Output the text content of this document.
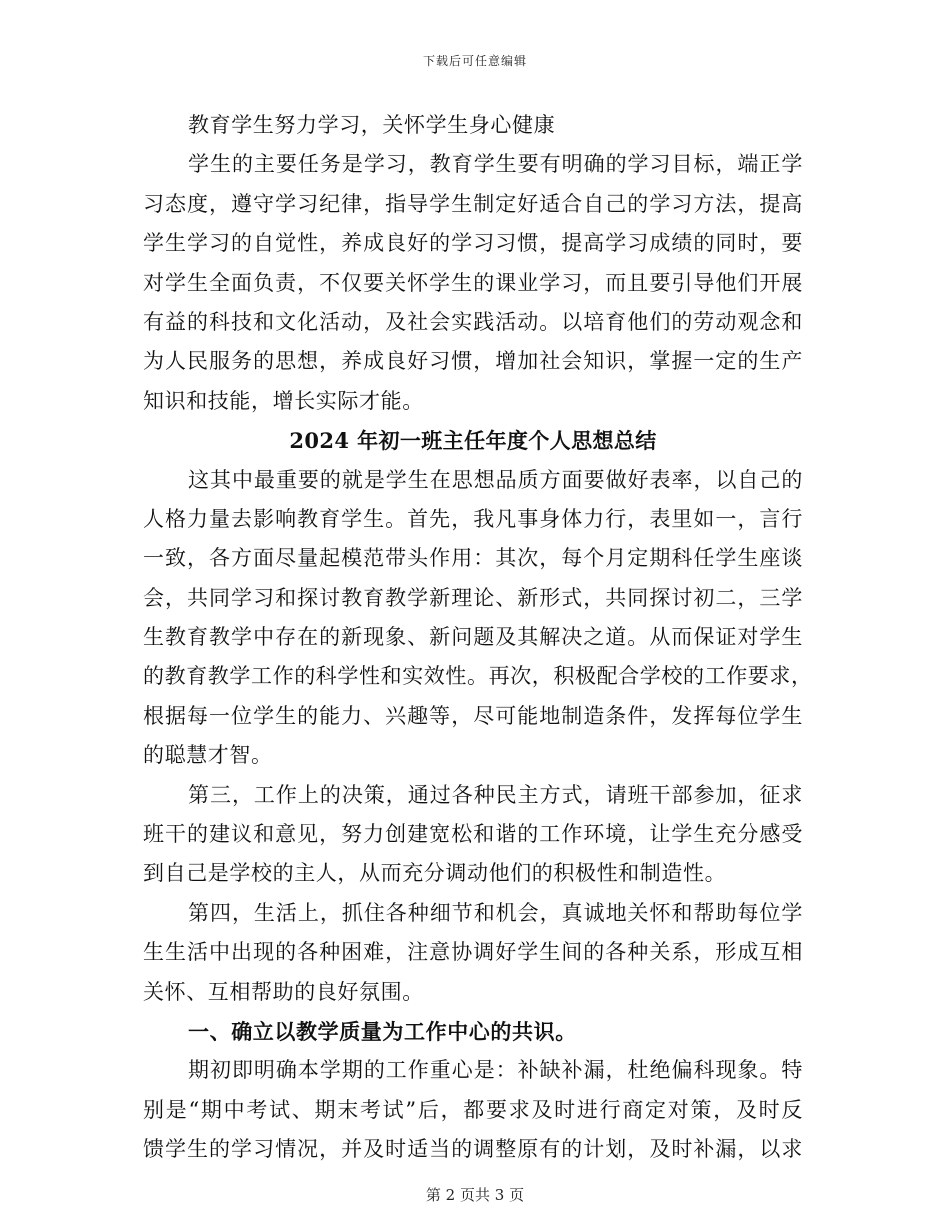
下载后可任意编辑
教育学生努力学习，关怀学生身心健康
学生的主要任务是学习，教育学生要有明确的学习目标，端正学
习态度，遵守学习纪律，指导学生制定好适合自己的学习方法，提高
学生学习的自觉性，养成良好的学习习惯，提高学习成绩的同时，要
对学生全面负责，不仅要关怀学生的课业学习，而且要引导他们开展
有益的科技和文化活动，及社会实践活动。以培育他们的劳动观念和
为人民服务的思想，养成良好习惯，增加社会知识，掌握一定的生产
知识和技能，增长实际才能。
2024 年初一班主任年度个人思想总结
这其中最重要的就是学生在思想品质方面要做好表率，以自己的
人格力量去影响教育学生。首先，我凡事身体力行，表里如一，言行
一致，各方面尽量起模范带头作用：其次，每个月定期科任学生座谈
会，共同学习和探讨教育教学新理论、新形式，共同探讨初二，三学
生教育教学中存在的新现象、新问题及其解决之道。从而保证对学生
的教育教学工作的科学性和实效性。再次，积极配合学校的工作要求，
根据每一位学生的能力、兴趣等，尽可能地制造条件，发挥每位学生
的聪慧才智。
第三，工作上的决策，通过各种民主方式，请班干部参加，征求
班干的建议和意见，努力创建宽松和谐的工作环境，让学生充分感受
到自己是学校的主人，从而充分调动他们的积极性和制造性。
第四，生活上，抓住各种细节和机会，真诚地关怀和帮助每位学
生生活中出现的各种困难，注意协调好学生间的各种关系，形成互相
关怀、互相帮助的良好氛围。
一、确立以教学质量为工作中心的共识。
期初即明确本学期的工作重心是：补缺补漏，杜绝偏科现象。特
别是“期中考试、期末考试”后，都要求及时进行商定对策，及时反
馈学生的学习情况，并及时适当的调整原有的计划，及时补漏，以求
第 2 页共 3 页
